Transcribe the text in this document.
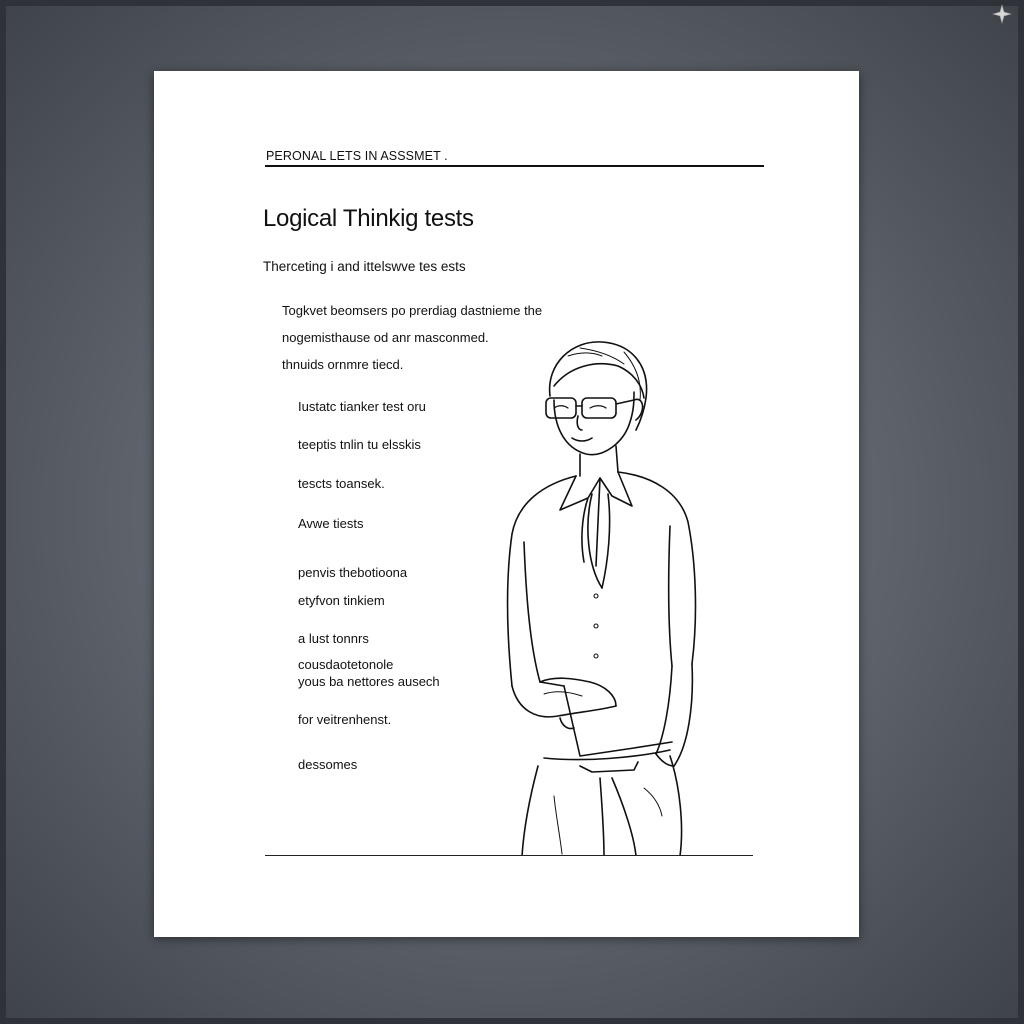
PERONAL LETS IN ASSSMET .
Logical Thinkig tests
Therceting i and ittelswve tes ests
Togkvet beomsers po prerdiag dastnieme the
nogemisthause od anr masconmed.
thnuids ornmre tiecd.
Iustatc tianker test oru
teeptis tnlin tu elsskis
tescts toansek.
Avwe tiests
penvis thebotioona
etyfvon tinkiem
a lust tonnrs
cousdaotetonole
yous ba nettores ausech
for veitrenhenst.
dessomes
